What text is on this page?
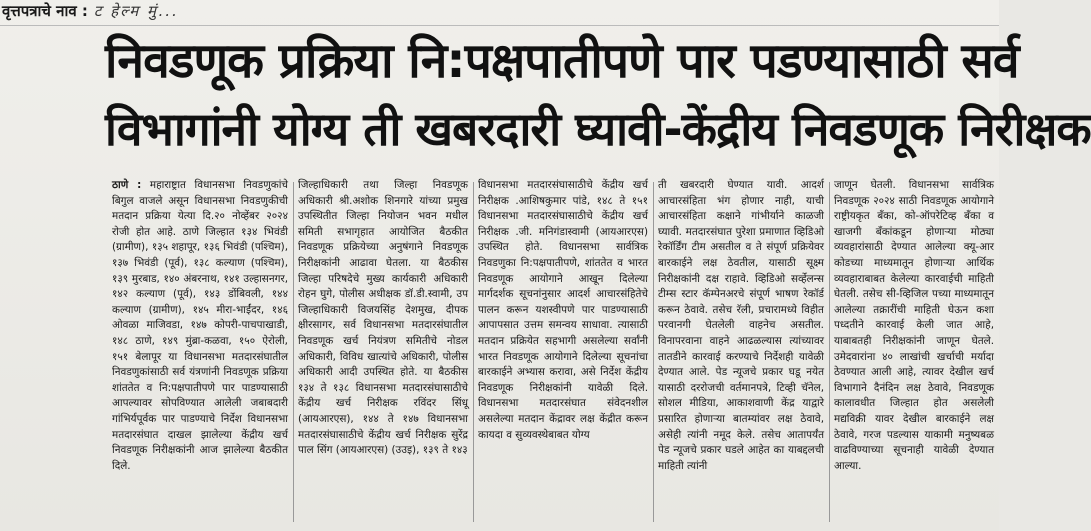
वृत्तपत्राचे नाव : ट हेल्म मुं...
निवडणूक प्रक्रिया नि:पक्षपातीपणे पार पडण्यासाठी सर्व
विभागांनी योग्य ती खबरदारी घ्यावी-केंद्रीय निवडणूक निरीक्षक

ठाणे : महाराष्ट्रात विधानसभा निवडणुकांचे बिगुल वाजले असून विधानसभा निवडणुकीची मतदान प्रक्रिया येत्या दि.२० नोव्हेंबर २०२४ रोजी होत आहे. ठाणे जिल्हात १३४ भिवंडी (ग्रामीण), १३५ शहापूर, १३६ भिवंडी (पश्चिम), १३७ भिवंडी (पूर्व), १३८ कल्याण (पश्चिम), १३९ मुरबाड, १४० अंबरनाथ, १४१ उल्हासनगर, १४२ कल्याण (पूर्व), १४३ डोंबिवली, १४४ कल्याण (ग्रामीण), १४५ मीरा-भाईंदर, १४६ ओवळा माजिवडा, १४७ कोपरी-पाचपाखाडी, १४८ ठाणे, १४९ मुंब्रा-कळवा, १५० ऐरोली, १५१ बेलापूर या विधानसभा मतदारसंघातील निवडणुकांसाठी सर्व यंत्रणांनी निवडणूक प्रक्रिया शांततेत व नि:पक्षपातीपणे पार पाडण्यासाठी आपल्यावर सोपविण्यात आलेली जबाबदारी गांभिर्यपूर्वक पार पाडण्याचे निर्देश विधानसभा मतदारसंघात दाखल झालेल्या केंद्रीय खर्च निवडणूक निरीक्षकांनी आज झालेल्या बैठकीत दिले.

जिल्हाधिकारी तथा जिल्हा निवडणूक अधिकारी श्री.अशोक शिनगारे यांच्या प्रमुख उपस्थितीत जिल्हा नियोजन भवन मधील समिती सभागृहात आयोजित बैठकीत निवडणूक प्रक्रियेच्या अनुषंगाने निवडणूक निरीक्षकांनी आढावा घेतला. या बैठकीस जिल्हा परिषदेचे मुख्य कार्यकारी अधिकारी रोहन घुगे, पोलीस अधीक्षक डॉ.डी.स्वामी, उप जिल्हाधिकारी विजयसिंह देशमुख, दीपक क्षीरसागर, सर्व विधानसभा मतदारसंघातील निवडणूक खर्च नियंत्रण समितीचे नोडल अधिकारी, विविध खात्यांचे अधिकारी, पोलीस अधिकारी आदी उपस्थित होते. या बैठकीस १३४ ते १३८ विधानसभा मतदारसंघासाठीचे केंद्रीय खर्च निरीक्षक रविंदर सिंधू (आयआरएस), १४४ ते १४७ विधानसभा मतदारसंघासाठीचे केंद्रीय खर्च निरीक्षक सुरेंद्र पाल सिंग (आयआरएस) (उउइ), १३९ ते १४३

विधानसभा मतदारसंघासाठीचे केंद्रीय खर्च निरीक्षक .आशिषकुमार पांडे, १४८ ते १५१ विधानसभा मतदारसंघासाठीचे केंद्रीय खर्च निरीक्षक .जी. मनिगंडास्वामी (आयआरएस) उपस्थित होते. विधानसभा सार्वत्रिक निवडणुका नि:पक्षपातीपणे, शांततेत व भारत निवडणूक आयोगाने आखून दिलेल्या मार्गदर्शक सूचनांनुसार आदर्श आचारसंहितेचे पालन करून यशस्वीपणे पार पाडण्यासाठी आपापसात उत्तम समन्वय साधावा. त्यासाठी मतदान प्रक्रियेत सहभागी असलेल्या सर्वांनी भारत निवडणूक आयोगाने दिलेल्या सूचनांचा बारकाईने अभ्यास करावा, असे निर्देश केंद्रीय निवडणूक निरीक्षकांनी यावेळी दिले. विधानसभा मतदारसंघात संवेदनशील असलेल्या मतदान केंद्रावर लक्ष केंद्रीत करून कायदा व सुव्यवस्थेबाबत योग्य

ती खबरदारी घेण्यात यावी. आदर्श आचारसंहिता भंग होणार नाही, याची आचारसंहिता कक्षाने गांभीर्याने काळजी घ्यावी. मतदारसंघात पुरेशा प्रमाणात व्हिडिओ रेकॉर्डिंग टीम असतील व ते संपूर्ण प्रक्रियेवर बारकाईने लक्ष ठेवतील, यासाठी सूक्ष्म निरीक्षकांनी दक्ष राहावे. व्हिडिओ सर्व्हेलन्स टीम्स स्टार कॅम्पेनअरचे संपूर्ण भाषण रेकॉर्ड करून ठेवावे. तसेच रॅली, प्रचारामध्ये विहीत परवानगी घेतलेली वाहनेच असतील. विनापरवाना वाहने आढळल्यास त्यांच्यावर तातडीने कारवाई करण्याचे निर्देशही यावेळी देण्यात आले. पेड न्यूजचे प्रकार घडू नयेत यासाठी दररोजची वर्तमानपत्रे, टिव्ही चॅनेल, सोशल मीडिया, आकाशवाणी केंद्र याद्वारे प्रसारित होणाऱ्या बातम्यांवर लक्ष ठेवावे, असेही त्यांनी नमूद केले. तसेच आतापर्यंत पेड न्यूजचे प्रकार घडले आहेत का याबद्दलची माहिती त्यांनी

जाणून घेतली. विधानसभा सार्वत्रिक निवडणूक २०२४ साठी निवडणूक आयोगाने राष्ट्रीयकृत बँका, को-ऑपरेटिव्ह बँका व खाजगी बँकांकडून होणाऱ्या मोठ्या व्यवहारांसाठी देण्यात आलेल्या क्यू-आर कोडच्या माध्यमातून होणाऱ्या आर्थिक व्यवहाराबाबत केलेल्या कारवाईची माहिती घेतली. तसेच सी-व्हिजिल पच्या माध्यमातून आलेल्या तक्रारींची माहिती घेऊन कशा पध्दतीने कारवाई केली जात आहे, याबाबतही निरीक्षकांनी जाणून घेतले. उमेदवारांना ४० लाखांची खर्चाची मर्यादा ठेवण्यात आली आहे, त्यावर देखील खर्च विभागाने दैनंदिन लक्ष ठेवावे, निवडणूक कालावधीत जिल्हात होत असलेली मद्यविक्री यावर देखील बारकाईने लक्ष ठेवावे, गरज पडल्यास याकामी मनुष्यबळ वाढविण्याच्या सूचनाही यावेळी देण्यात आल्या.
